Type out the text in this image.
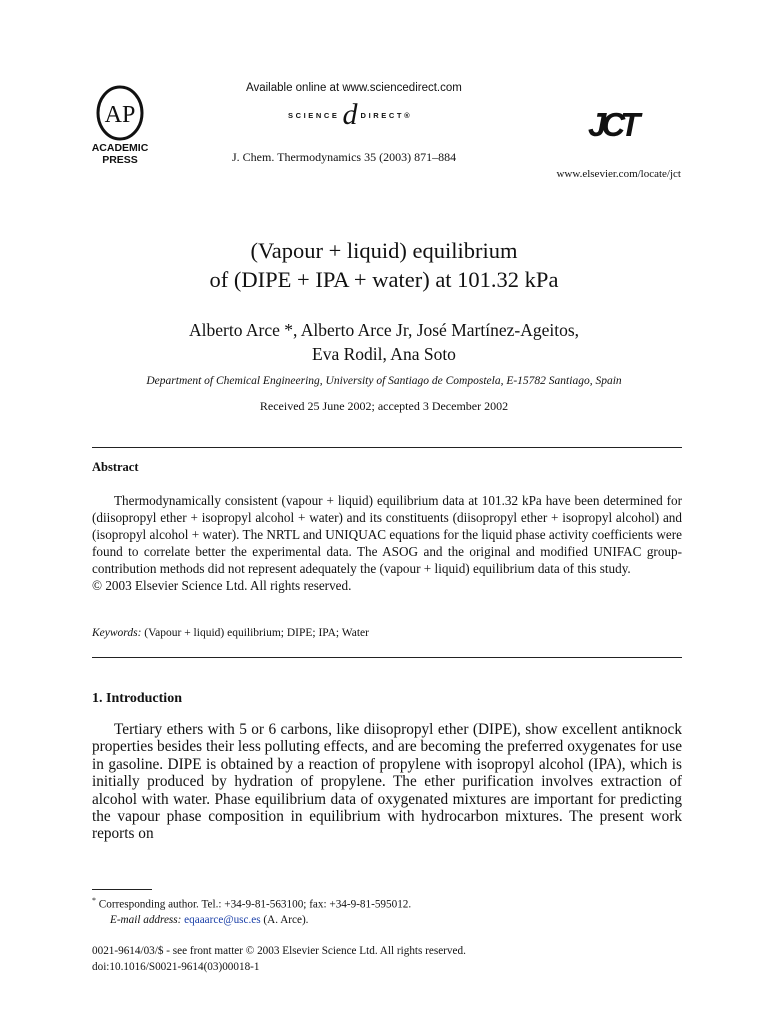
AP
ACADEMIC
PRESS
Available online at www.sciencedirect.com
SCIENCE d DIRECT®
J. Chem. Thermodynamics 35 (2003) 871–884
JCT
www.elsevier.com/locate/jct
(Vapour + liquid) equilibrium
of (DIPE + IPA + water) at 101.32 kPa
Alberto Arce *, Alberto Arce Jr, José Martínez-Ageitos,
Eva Rodil, Ana Soto
Department of Chemical Engineering, University of Santiago de Compostela, E-15782 Santiago, Spain
Received 25 June 2002; accepted 3 December 2002
Abstract
Thermodynamically consistent (vapour + liquid) equilibrium data at 101.32 kPa have been determined for (diisopropyl ether + isopropyl alcohol + water) and its constituents (diisopropyl ether + isopropyl alcohol) and (isopropyl alcohol + water). The NRTL and UNIQUAC equations for the liquid phase activity coefficients were found to correlate better the experimental data. The ASOG and the original and modified UNIFAC group-contribution methods did not represent adequately the (vapour + liquid) equilibrium data of this study.
© 2003 Elsevier Science Ltd. All rights reserved.
Keywords: (Vapour + liquid) equilibrium; DIPE; IPA; Water
1. Introduction
Tertiary ethers with 5 or 6 carbons, like diisopropyl ether (DIPE), show excellent antiknock properties besides their less polluting effects, and are becoming the preferred oxygenates for use in gasoline. DIPE is obtained by a reaction of propylene with isopropyl alcohol (IPA), which is initially produced by hydration of propylene. The ether purification involves extraction of alcohol with water. Phase equilibrium data of oxygenated mixtures are important for predicting the vapour phase composition in equilibrium with hydrocarbon mixtures. The present work reports on
* Corresponding author. Tel.: +34-9-81-563100; fax: +34-9-81-595012.
E-mail address: eqaaarce@usc.es (A. Arce).
0021-9614/03/$ - see front matter © 2003 Elsevier Science Ltd. All rights reserved.
doi:10.1016/S0021-9614(03)00018-1
